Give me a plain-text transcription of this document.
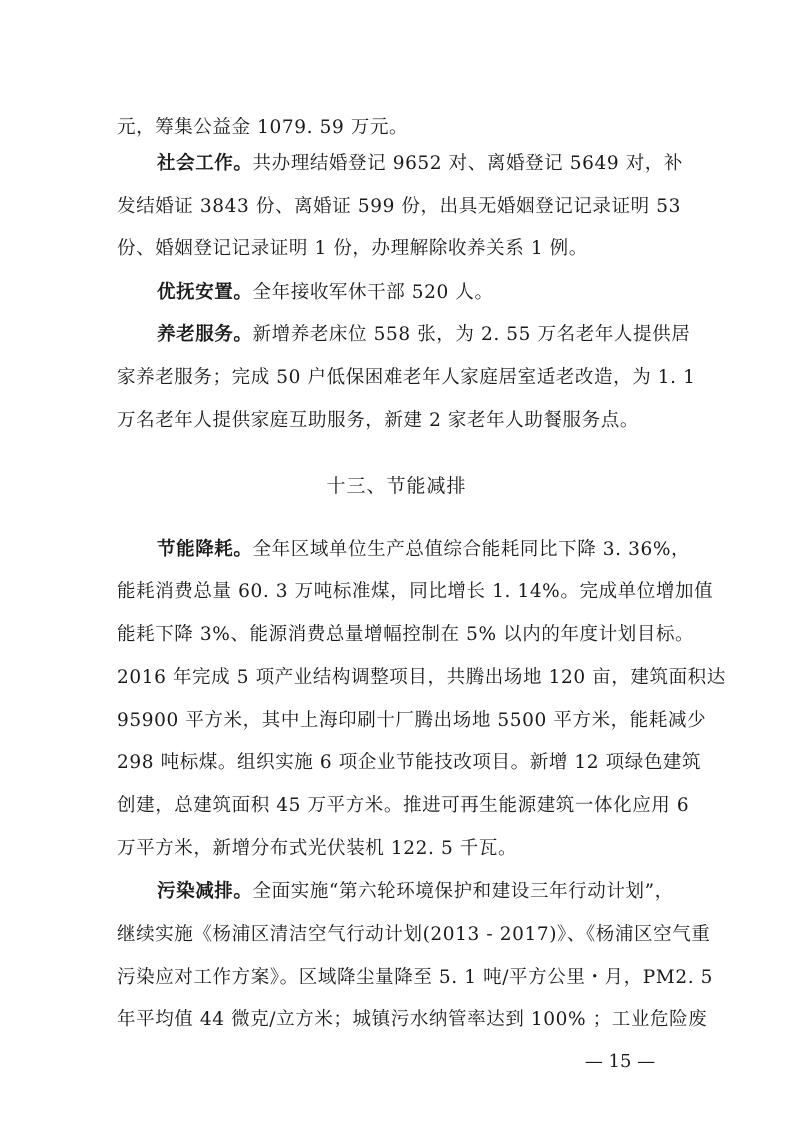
元，筹集公益金 1079. 59 万元。
社会工作。共办理结婚登记 9652 对、离婚登记 5649 对，补
发结婚证 3843 份、离婚证 599 份，出具无婚姻登记记录证明 53
份、婚姻登记记录证明 1 份，办理解除收养关系 1 例。
优抚安置。全年接收军休干部 520 人。
养老服务。新增养老床位 558 张，为 2. 55 万名老年人提供居
家养老服务；完成 50 户低保困难老年人家庭居室适老改造，为 1. 1
万名老年人提供家庭互助服务，新建 2 家老年人助餐服务点。
十三、节能减排
节能降耗。全年区域单位生产总值综合能耗同比下降 3. 36%，
能耗消费总量 60. 3 万吨标准煤，同比增长 1. 14%。完成单位增加值
能耗下降 3%、能源消费总量增幅控制在 5% 以内的年度计划目标。
2016 年完成 5 项产业结构调整项目，共腾出场地 120 亩，建筑面积达
95900 平方米，其中上海印刷十厂腾出场地 5500 平方米，能耗减少
298 吨标煤。组织实施 6 项企业节能技改项目。新增 12 项绿色建筑
创建，总建筑面积 45 万平方米。推进可再生能源建筑一体化应用 6
万平方米，新增分布式光伏装机 122. 5 千瓦。
污染减排。全面实施“第六轮环境保护和建设三年行动计划”，
继续实施《杨浦区清洁空气行动计划(2013 - 2017)》、《杨浦区空气重
污染应对工作方案》。区域降尘量降至 5. 1 吨/平方公里・月，PM2. 5
年平均值 44 微克/立方米；城镇污水纳管率达到 100% ；工业危险废
— 15 —
